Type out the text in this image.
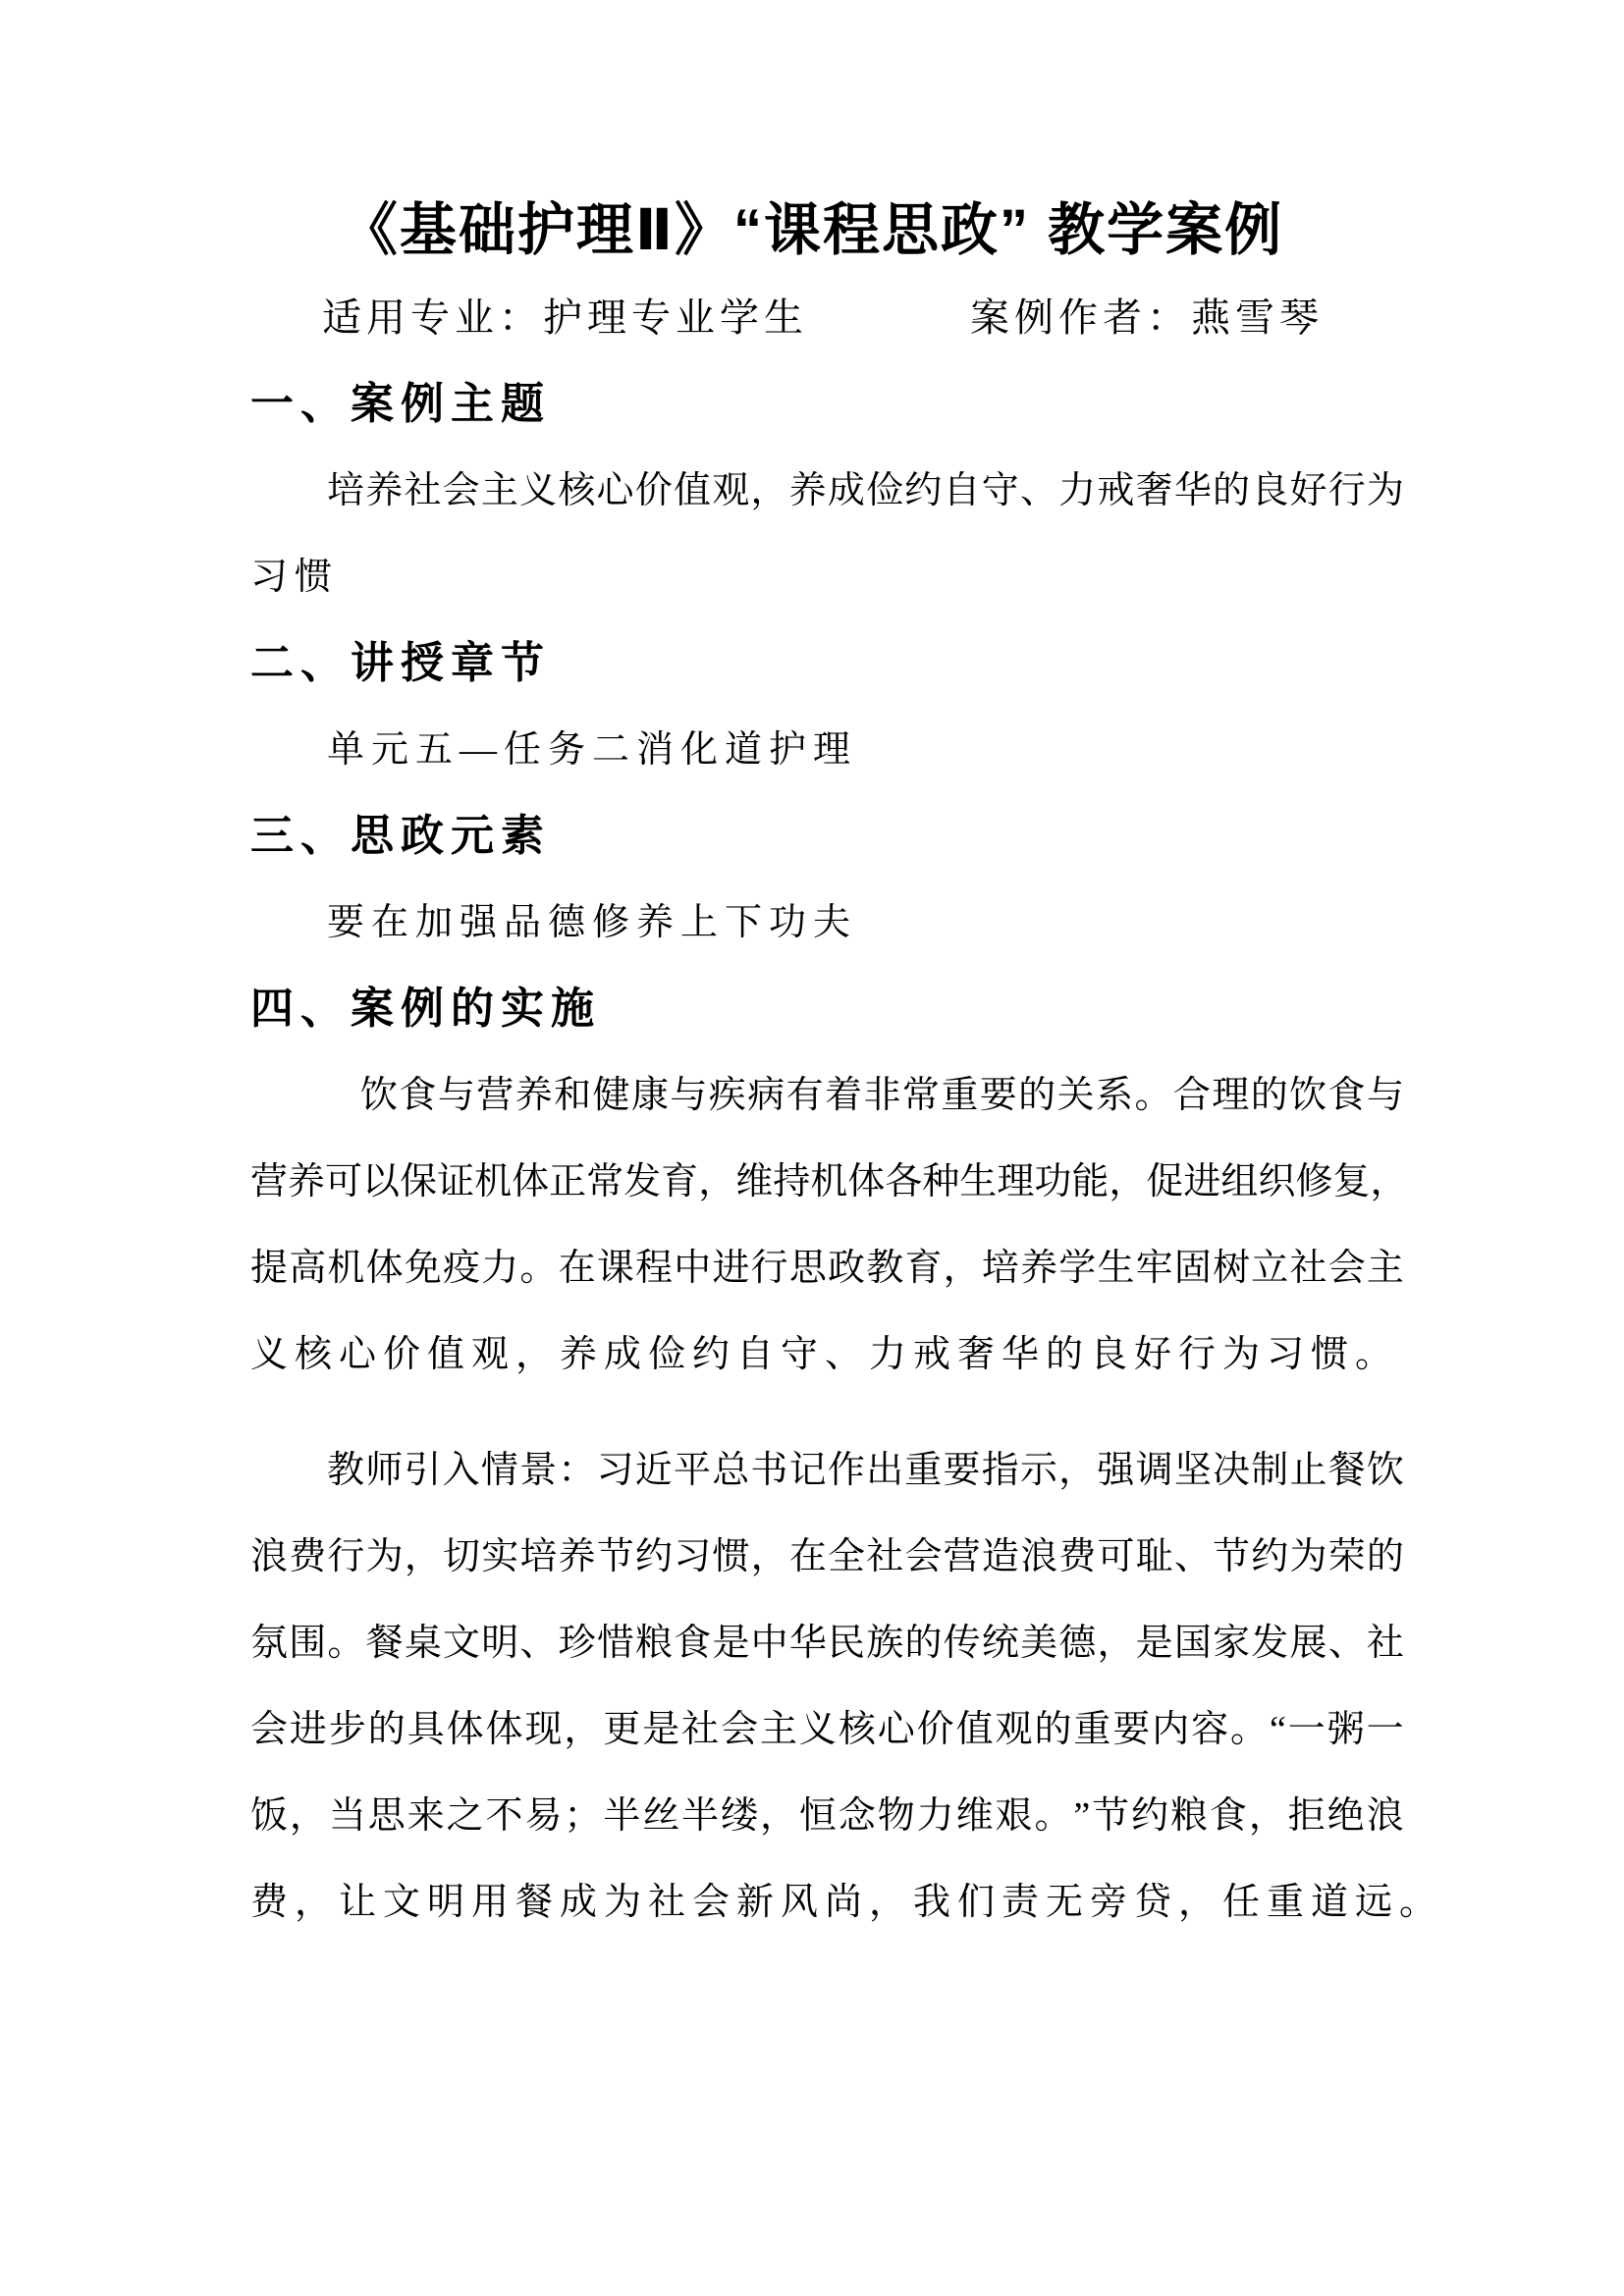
《基础护理Ⅱ》“课程思政” 教学案例
适用专业：护理专业学生	案例作者：燕雪琴
一、案例主题
培 养 社 会 主 义 核 心 价 值 观 ， 养 成 俭 约 自 守 、 力 戒 奢 华 的 良 好 行 为
习惯
二、讲授章节
单元五—任务二消化道护理
三、思政元素
要在加强品德修养上下功夫
四、案例的实施
饮 食 与 营 养 和 健 康 与 疾 病 有 着 非 常 重 要 的 关 系 。 合 理 的 饮 食 与
营 养 可 以 保 证 机 体 正 常 发 育 ， 维 持 机 体 各 种 生 理 功 能 ， 促 进 组 织 修 复 ，
提 高 机 体 免 疫 力 。 在 课 程 中 进 行 思 政 教 育 ， 培 养 学 生 牢 固 树 立 社 会 主
义核心价值观，养成俭约自守、力戒奢华的良好行为习惯。
教 师 引 入 情 景 ： 习 近 平 总 书 记 作 出 重 要 指 示 ， 强 调 坚 决 制 止 餐 饮
浪 费 行 为 ， 切 实 培 养 节 约 习 惯 ， 在 全 社 会 营 造 浪 费 可 耻 、 节 约 为 荣 的
氛 围 。 餐 桌 文 明 、 珍 惜 粮 食 是 中 华 民 族 的 传 统 美 德 ， 是 国 家 发 展 、 社
会 进 步 的 具 体 体 现 ， 更 是 社 会 主 义 核 心 价 值 观 的 重 要 内 容 。 “ 一 粥 一
饭 ， 当 思 来 之 不 易 ； 半 丝 半 缕 ， 恒 念 物 力 维 艰 。 ” 节 约 粮 食 ， 拒 绝 浪
费，让文明用餐成为社会新风尚，我们责无旁贷，任重道远。
